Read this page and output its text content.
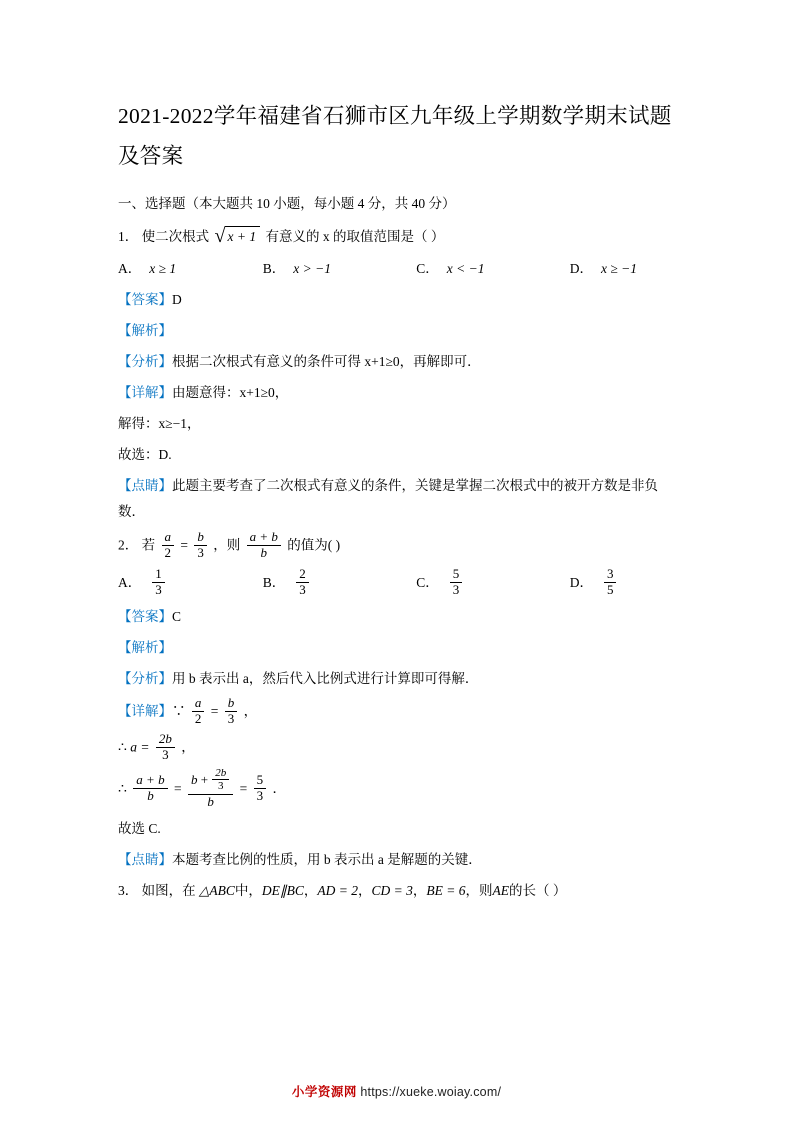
2021-2022学年福建省石狮市区九年级上学期数学期末试题及答案
一、选择题（本大题共 10 小题，每小题 4 分，共 40 分）
1． 使二次根式 √ x + 1 有意义的 x 的取值范围是（ ）
A． x ≥ 1	B． x > −1	C． x < −1	D． x ≥ −1
【答案】D
【解析】
【分析】根据二次根式有意义的条件可得 x+1≥0，再解即可．
【详解】由题意得：x+1≥0，
解得：x≥−1，
故选：D.
【点睛】此题主要考查了二次根式有意义的条件，关键是掌握二次根式中的被开方数是非负数．
2． 若 $\frac{a}{2} = \frac{b}{3}$ ，则 $\frac{a + b}{b}$ 的值为( )
A． $\frac{1}{3}$	B． $\frac{2}{3}$	C． $\frac{5}{3}$	D． $\frac{3}{5}$
【答案】C
【解析】
【分析】用 b 表示出 a，然后代入比例式进行计算即可得解．
【详解】∵ $\frac{a}{2} = \frac{b}{3}$ ，
∴ $a = \frac{2b}{3}$ ，
∴ $\frac{a + b}{b} = \frac{b + \frac{2b}{3}}{b} = \frac{5}{3}$ ．
故选 C.
【点睛】本题考查比例的性质，用 b 表示出 a 是解题的关键．
3． 如图，在 △ABC中，DE∥BC，AD = 2，CD = 3，BE = 6，则AE的长（ ）
小学资源网 https://xueke.woiay.com/
